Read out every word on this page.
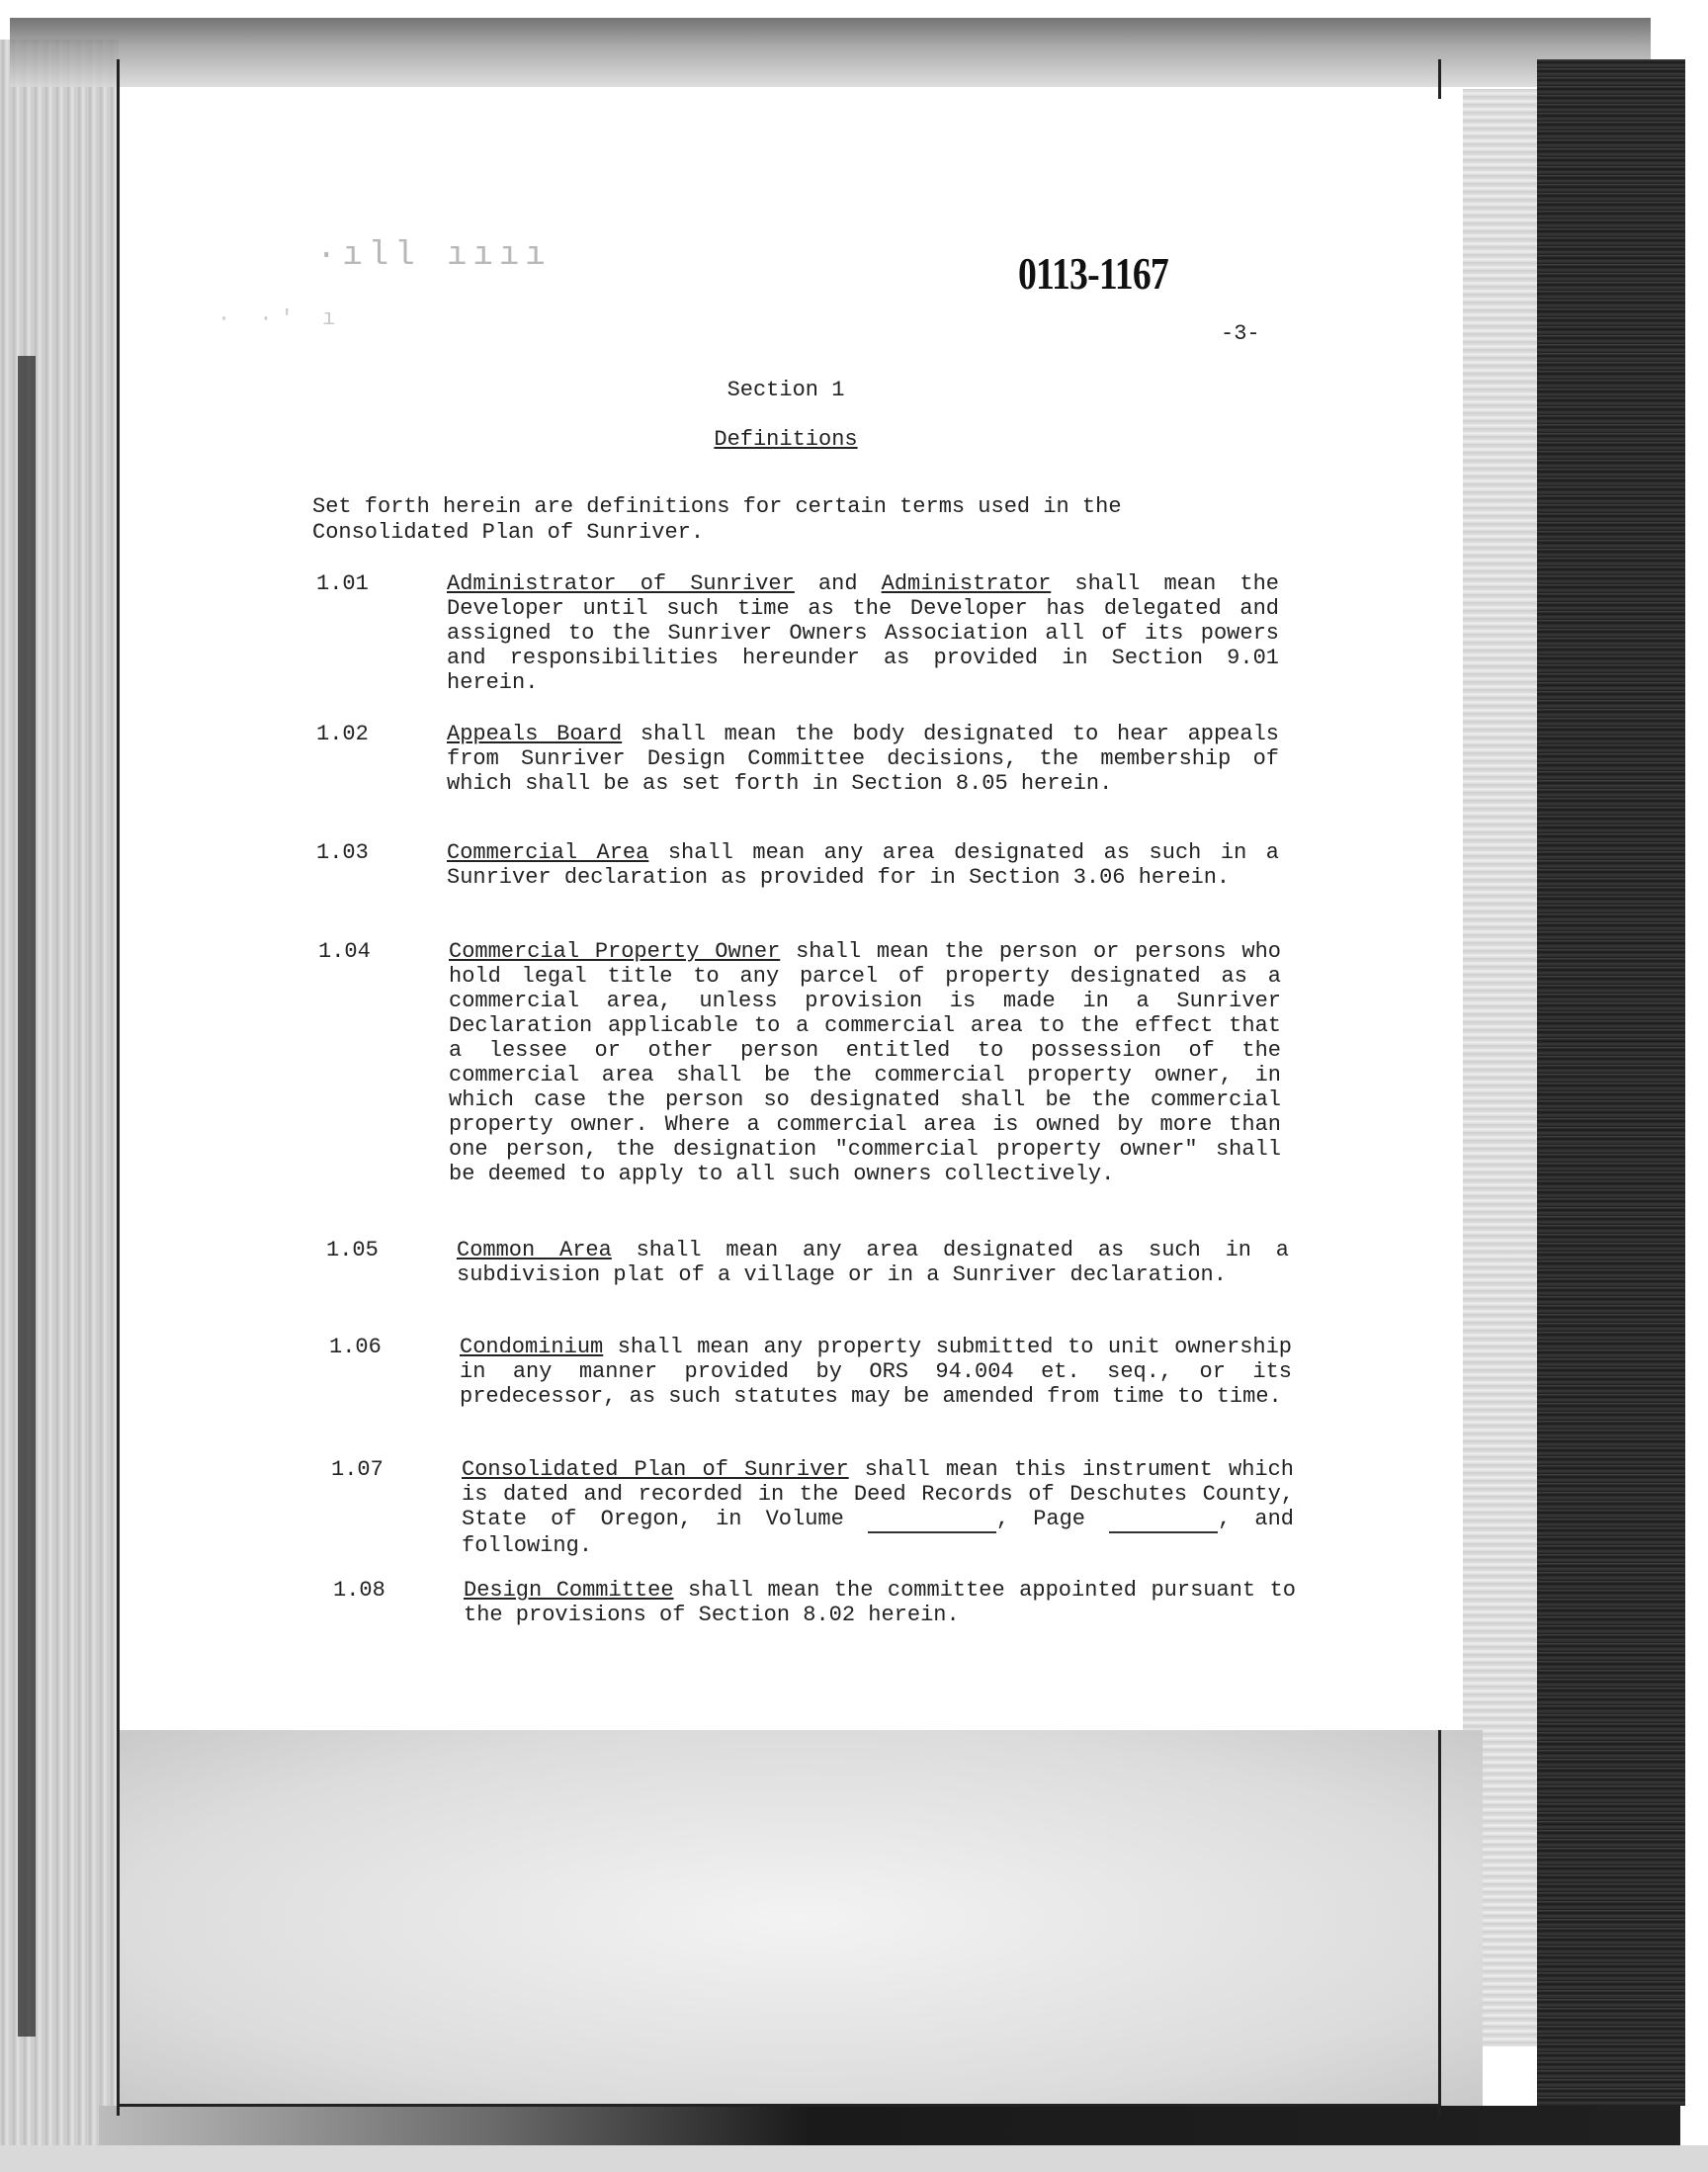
·ıll ıııı
· ·' ı
0113-1167
-3-
Section 1
Definitions
Set forth herein are definitions for certain terms used in the Consolidated Plan of Sunriver.
1.01	Administrator of Sunriver and Administrator shall mean the Developer until such time as the Developer has delegated and assigned to the Sunriver Owners Association all of its powers and responsibilities hereunder as provided in Section 9.01 herein.
1.02	Appeals Board shall mean the body designated to hear appeals from Sunriver Design Committee decisions, the membership of which shall be as set forth in Section 8.05 herein.
1.03	Commercial Area shall mean any area designated as such in a Sunriver declaration as provided for in Section 3.06 herein.
1.04	Commercial Property Owner shall mean the person or persons who hold legal title to any parcel of property designated as a commercial area, unless provision is made in a Sunriver Declaration applicable to a commercial area to the effect that a lessee or other person entitled to possession of the commercial area shall be the commercial property owner, in which case the person so designated shall be the commercial property owner. Where a commercial area is owned by more than one person, the designation "commercial property owner" shall be deemed to apply to all such owners collectively.
1.05	Common Area shall mean any area designated as such in a subdivision plat of a village or in a Sunriver declaration.
1.06	Condominium shall mean any property submitted to unit ownership in any manner provided by ORS 94.004 et. seq., or its predecessor, as such statutes may be amended from time to time.
1.07	Consolidated Plan of Sunriver shall mean this instrument which is dated and recorded in the Deed Records of Deschutes County, State of Oregon, in Volume	, Page	, and following.
1.08	Design Committee shall mean the committee appointed pursuant to the provisions of Section 8.02 herein.
